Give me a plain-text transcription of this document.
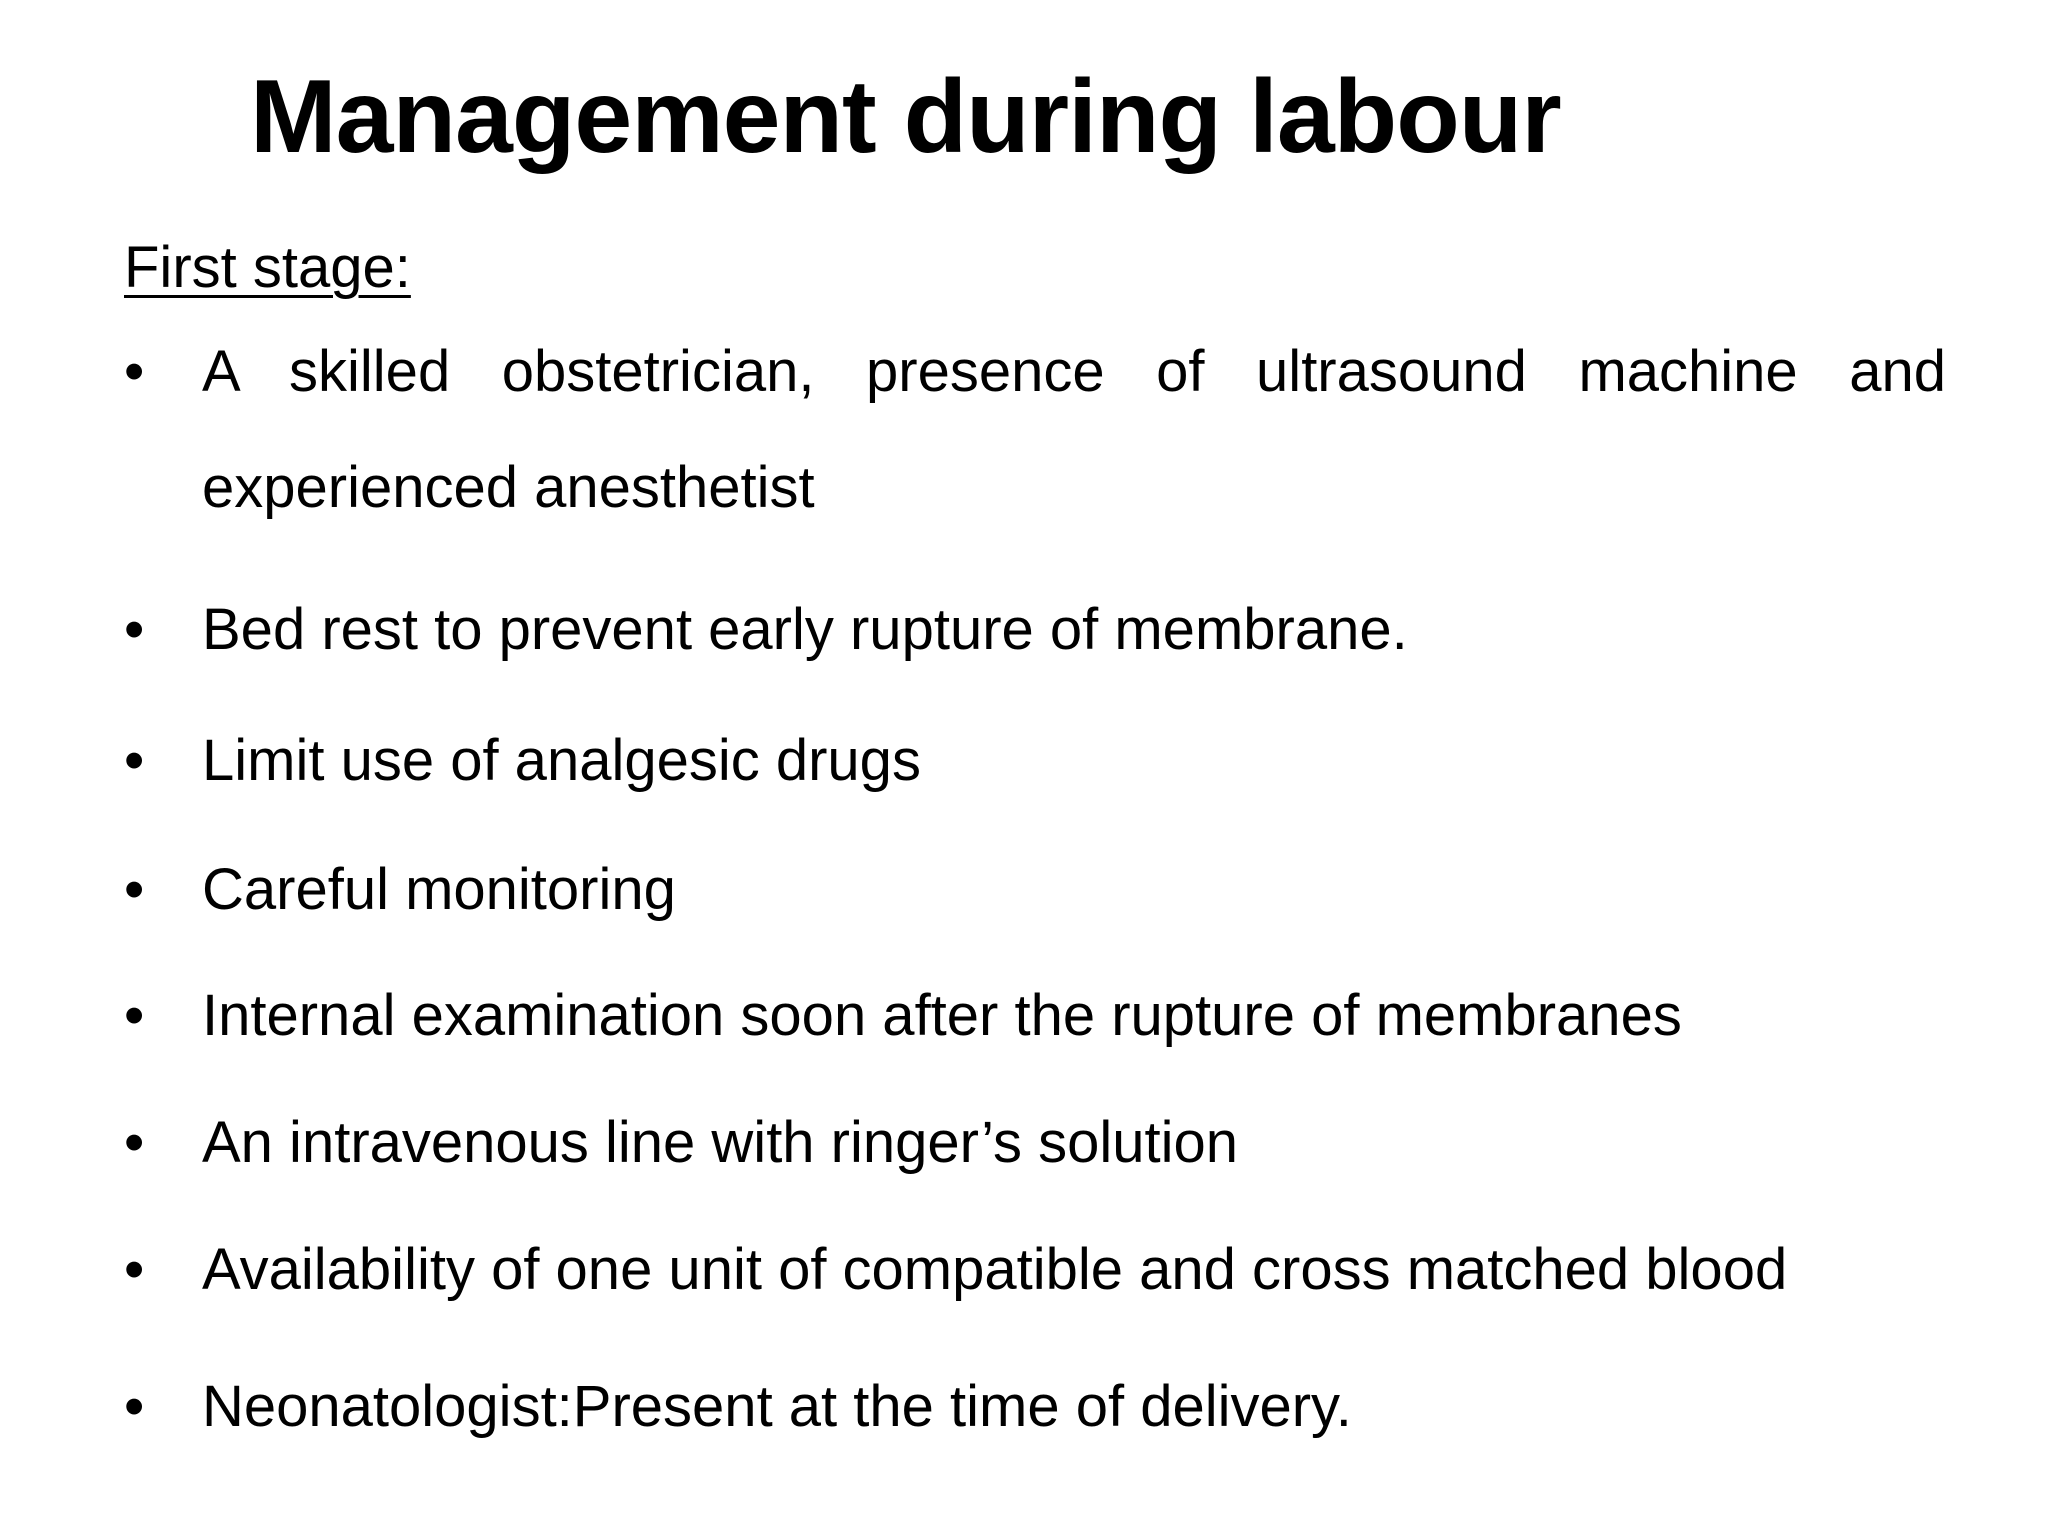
Management during labour
First stage:
• A skilled obstetrician, presence of ultrasound machine and experienced anesthetist
• Bed rest to prevent early rupture of membrane.
• Limit use of analgesic drugs
• Careful monitoring
• Internal examination soon after the rupture of membranes
• An intravenous line with ringer’s solution
• Availability of one unit of compatible and cross matched blood
• Neonatologist:Present at the time of delivery.
